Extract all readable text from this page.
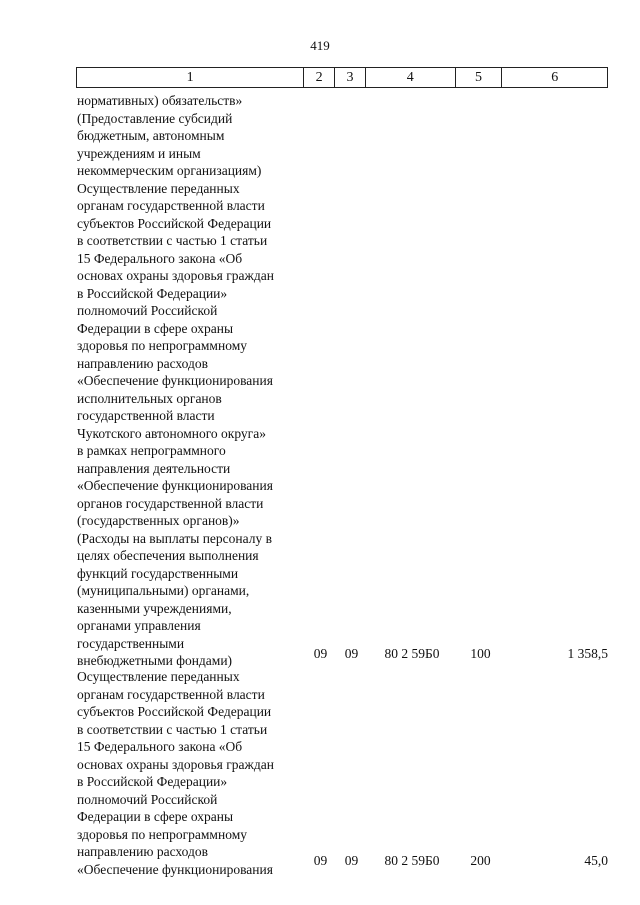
419
1	2	3	4	5	6
нормативных) обязательств»
(Предоставление субсидий
бюджетным, автономным
учреждениям и иным
некоммерческим организациям)
Осуществление переданных
органам государственной власти
субъектов Российской Федерации
в соответствии с частью 1 статьи
15 Федерального закона «Об
основах охраны здоровья граждан
в Российской Федерации»
полномочий Российской
Федерации в сфере охраны
здоровья по непрограммному
направлению расходов
«Обеспечение функционирования
исполнительных органов
государственной власти
Чукотского автономного округа»
в рамках непрограммного
направления деятельности
«Обеспечение функционирования
органов государственной власти
(государственных органов)»
(Расходы на выплаты персоналу в
целях обеспечения выполнения
функций государственными
(муниципальными) органами,
казенными учреждениями,
органами управления
государственными
внебюджетными фондами)	09	09	80 2 59Б0	100	1 358,5
Осуществление переданных
органам государственной власти
субъектов Российской Федерации
в соответствии с частью 1 статьи
15 Федерального закона «Об
основах охраны здоровья граждан
в Российской Федерации»
полномочий Российской
Федерации в сфере охраны
здоровья по непрограммному
направлению расходов
«Обеспечение функционирования
09	09	80 2 59Б0	200	45,0
